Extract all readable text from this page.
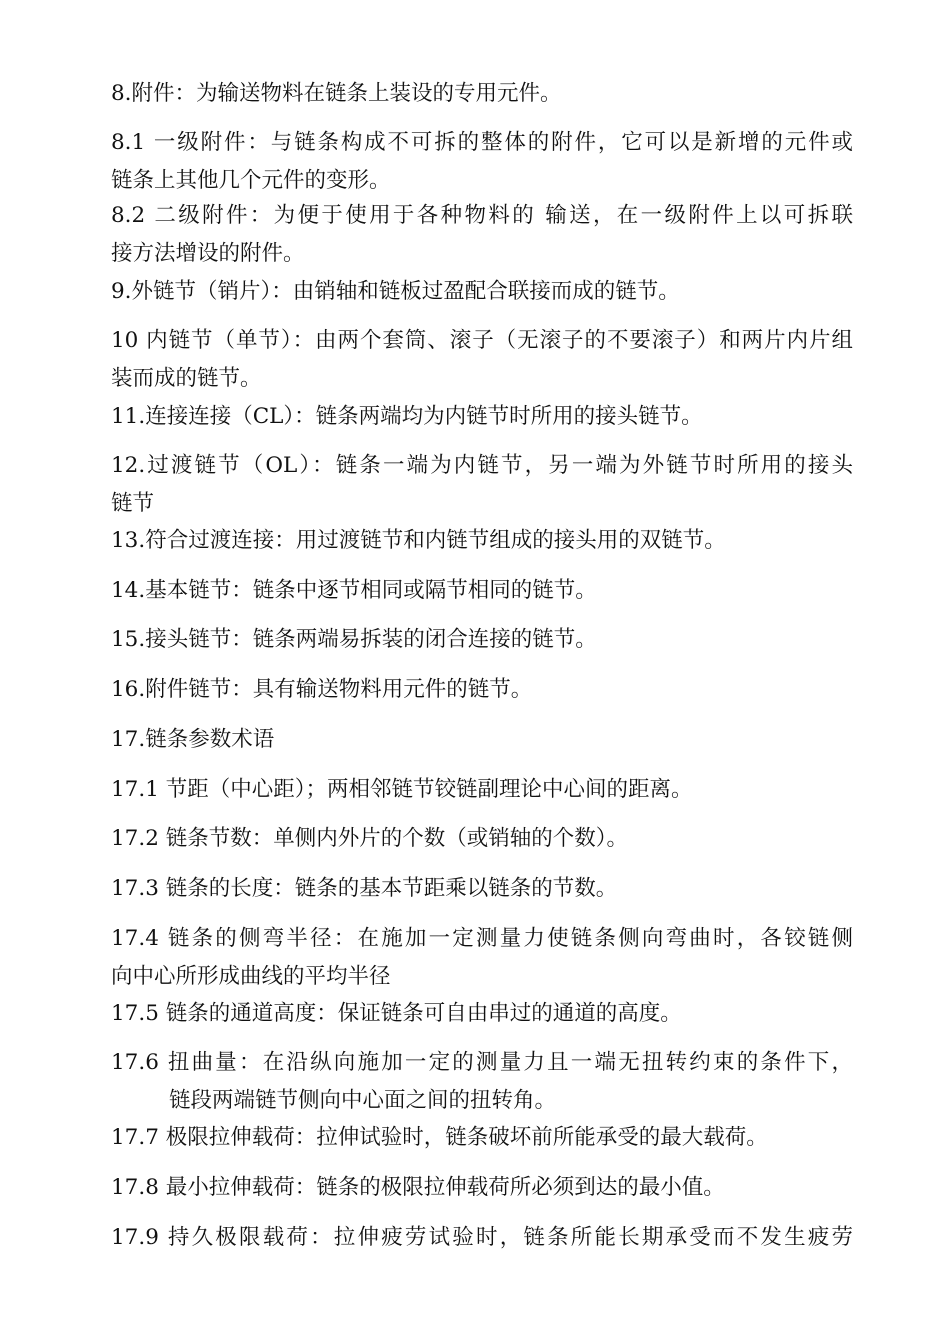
8.附件：为输送物料在链条上装设的专用元件。

8.1 一级附件：与链条构成不可拆的整体的附件，它可以是新增的元件或
链条上其他几个元件的变形。

8.2 二级附件：为便于使用于各种物料的 输送，在一级附件上以可拆联
接方法增设的附件。

9.外链节（销片）：由销轴和链板过盈配合联接而成的链节。

10 内链节（单节）：由两个套筒、滚子（无滚子的不要滚子）和两片内片组
装而成的链节。

11.连接连接（CL）：链条两端均为内链节时所用的接头链节。

12.过渡链节（OL）：链条一端为内链节，另一端为外链节时所用的接头
链节

13.符合过渡连接：用过渡链节和内链节组成的接头用的双链节。

14.基本链节：链条中逐节相同或隔节相同的链节。

15.接头链节：链条两端易拆装的闭合连接的链节。

16.附件链节：具有输送物料用元件的链节。

17.链条参数术语

17.1 节距（中心距）；两相邻链节铰链副理论中心间的距离。

17.2 链条节数：单侧内外片的个数（或销轴的个数）。

17.3 链条的长度：链条的基本节距乘以链条的节数。

17.4 链条的侧弯半径：在施加一定测量力使链条侧向弯曲时，各铰链侧
向中心所形成曲线的平均半径

17.5 链条的通道高度：保证链条可自由串过的通道的高度。

17.6 扭曲量：在沿纵向施加一定的测量力且一端无扭转约束的条件下，
链段两端链节侧向中心面之间的扭转角。

17.7 极限拉伸载荷：拉伸试验时，链条破坏前所能承受的最大载荷。

17.8 最小拉伸载荷：链条的极限拉伸载荷所必须到达的最小值。

17.9 持久极限载荷：拉伸疲劳试验时，链条所能长期承受而不发生疲劳
